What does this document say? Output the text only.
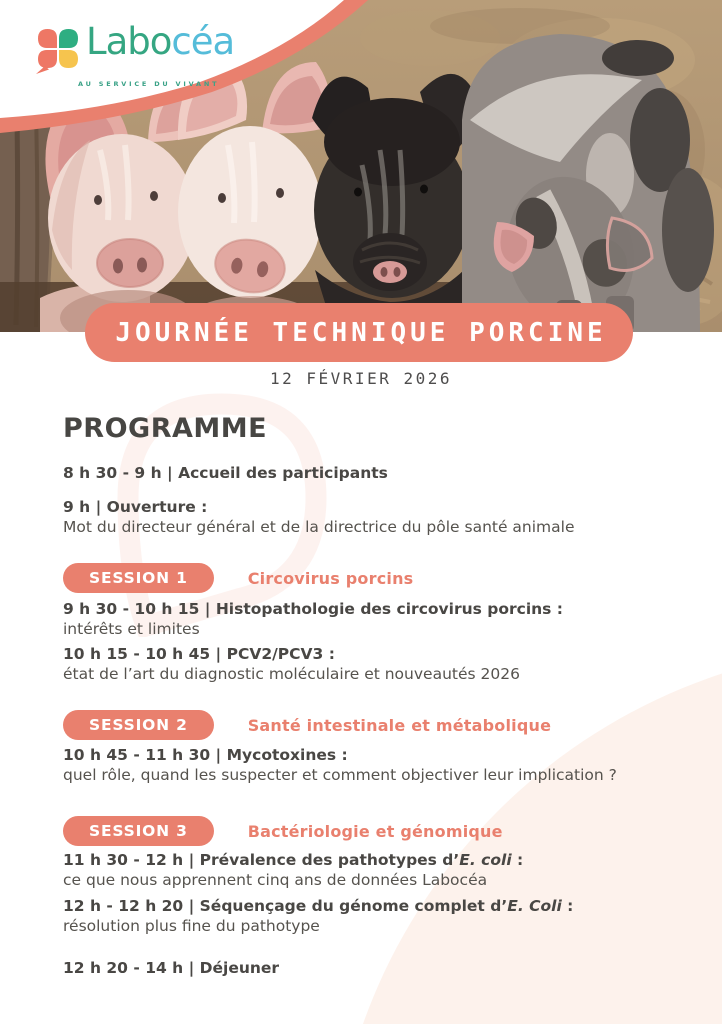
Labocéa
AU SERVICE DU VIVANT
JOURNÉE TECHNIQUE PORCINE
12 FÉVRIER 2026
PROGRAMME
8 h 30 - 9 h | Accueil des participants
9 h | Ouverture :
Mot du directeur général et de la directrice du pôle santé animale
SESSION 1	Circovirus porcins
9 h 30 - 10 h 15 | Histopathologie des circovirus porcins :
intérêts et limites
10 h 15 - 10 h 45 | PCV2/PCV3 :
état de l’art du diagnostic moléculaire et nouveautés 2026
SESSION 2	Santé intestinale et métabolique
10 h 45 - 11 h 30 | Mycotoxines :
quel rôle, quand les suspecter et comment objectiver leur implication ?
SESSION 3	Bactériologie et génomique
11 h 30 - 12 h | Prévalence des pathotypes d’E. coli :
ce que nous apprennent cinq ans de données Labocéa
12 h - 12 h 20 | Séquençage du génome complet d’E. Coli :
résolution plus fine du pathotype
12 h 20 - 14 h | Déjeuner
